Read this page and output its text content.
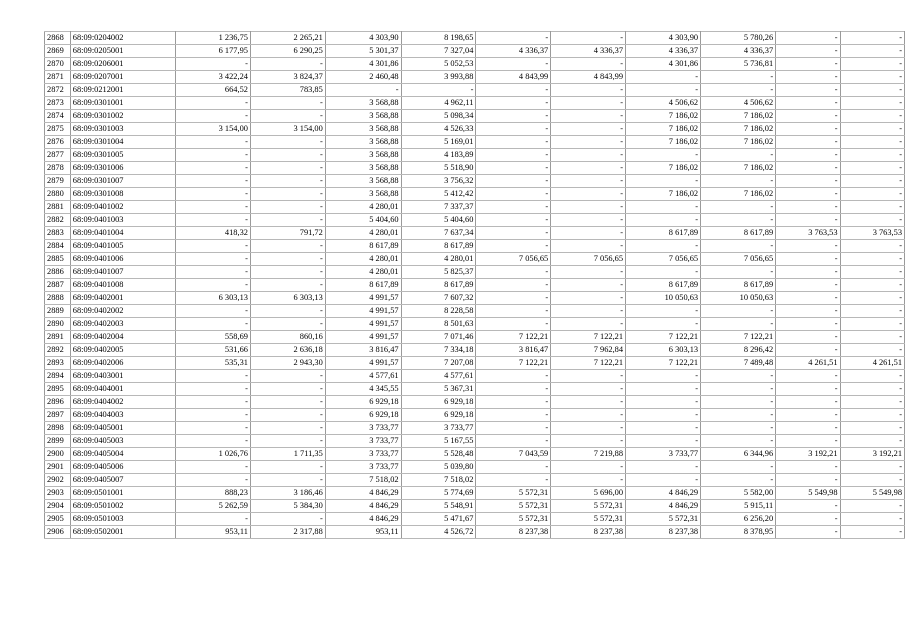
2868	68:09:0204002	1 236,75	2 265,21	4 303,90	8 198,65	-	-	4 303,90	5 780,26	-	-
2869	68:09:0205001	6 177,95	6 290,25	5 301,37	7 327,04	4 336,37	4 336,37	4 336,37	4 336,37	-	-
2870	68:09:0206001	-	-	4 301,86	5 052,53	-	-	4 301,86	5 736,81	-	-
2871	68:09:0207001	3 422,24	3 824,37	2 460,48	3 993,88	4 843,99	4 843,99	-	-	-	-
2872	68:09:0212001	664,52	783,85	-	-	-	-	-	-	-	-
2873	68:09:0301001	-	-	3 568,88	4 962,11	-	-	4 506,62	4 506,62	-	-
2874	68:09:0301002	-	-	3 568,88	5 098,34	-	-	7 186,02	7 186,02	-	-
2875	68:09:0301003	3 154,00	3 154,00	3 568,88	4 526,33	-	-	7 186,02	7 186,02	-	-
2876	68:09:0301004	-	-	3 568,88	5 169,01	-	-	7 186,02	7 186,02	-	-
2877	68:09:0301005	-	-	3 568,88	4 183,89	-	-	-	-	-	-
2878	68:09:0301006	-	-	3 568,88	5 518,90	-	-	7 186,02	7 186,02	-	-
2879	68:09:0301007	-	-	3 568,88	3 756,32	-	-	-	-	-	-
2880	68:09:0301008	-	-	3 568,88	5 412,42	-	-	7 186,02	7 186,02	-	-
2881	68:09:0401002	-	-	4 280,01	7 337,37	-	-	-	-	-	-
2882	68:09:0401003	-	-	5 404,60	5 404,60	-	-	-	-	-	-
2883	68:09:0401004	418,32	791,72	4 280,01	7 637,34	-	-	8 617,89	8 617,89	3 763,53	3 763,53
2884	68:09:0401005	-	-	8 617,89	8 617,89	-	-	-	-	-	-
2885	68:09:0401006	-	-	4 280,01	4 280,01	7 056,65	7 056,65	7 056,65	7 056,65	-	-
2886	68:09:0401007	-	-	4 280,01	5 825,37	-	-	-	-	-	-
2887	68:09:0401008	-	-	8 617,89	8 617,89	-	-	8 617,89	8 617,89	-	-
2888	68:09:0402001	6 303,13	6 303,13	4 991,57	7 607,32	-	-	10 050,63	10 050,63	-	-
2889	68:09:0402002	-	-	4 991,57	8 228,58	-	-	-	-	-	-
2890	68:09:0402003	-	-	4 991,57	8 501,63	-	-	-	-	-	-
2891	68:09:0402004	558,69	860,16	4 991,57	7 071,46	7 122,21	7 122,21	7 122,21	7 122,21	-	-
2892	68:09:0402005	531,66	2 636,18	3 816,47	7 334,18	3 816,47	7 962,84	6 303,13	8 296,42	-	-
2893	68:09:0402006	535,31	2 943,30	4 991,57	7 207,08	7 122,21	7 122,21	7 122,21	7 489,48	4 261,51	4 261,51
2894	68:09:0403001	-	-	4 577,61	4 577,61	-	-	-	-	-	-
2895	68:09:0404001	-	-	4 345,55	5 367,31	-	-	-	-	-	-
2896	68:09:0404002	-	-	6 929,18	6 929,18	-	-	-	-	-	-
2897	68:09:0404003	-	-	6 929,18	6 929,18	-	-	-	-	-	-
2898	68:09:0405001	-	-	3 733,77	3 733,77	-	-	-	-	-	-
2899	68:09:0405003	-	-	3 733,77	5 167,55	-	-	-	-	-	-
2900	68:09:0405004	1 026,76	1 711,35	3 733,77	5 528,48	7 043,59	7 219,88	3 733,77	6 344,96	3 192,21	3 192,21
2901	68:09:0405006	-	-	3 733,77	5 039,80	-	-	-	-	-	-
2902	68:09:0405007	-	-	7 518,02	7 518,02	-	-	-	-	-	-
2903	68:09:0501001	888,23	3 186,46	4 846,29	5 774,69	5 572,31	5 696,00	4 846,29	5 582,00	5 549,98	5 549,98
2904	68:09:0501002	5 262,59	5 384,30	4 846,29	5 548,91	5 572,31	5 572,31	4 846,29	5 915,11	-	-
2905	68:09:0501003	-	-	4 846,29	5 471,67	5 572,31	5 572,31	5 572,31	6 256,20	-	-
2906	68:09:0502001	953,11	2 317,88	953,11	4 526,72	8 237,38	8 237,38	8 237,38	8 378,95	-	-
